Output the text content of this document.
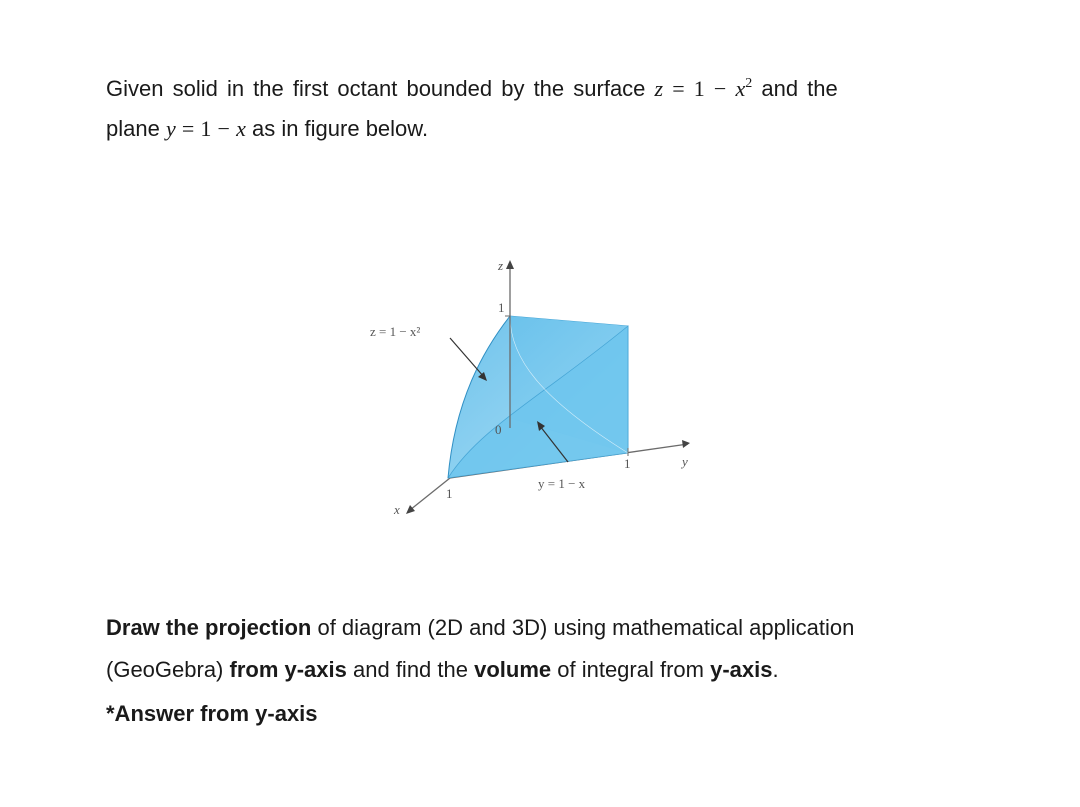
Given solid in the first octant bounded by the surface $z = 1 - x^2$ and the
plane y = 1 − x as in figure below.
z
1
z = 1 − x²
0
1	y
y = 1 − x
1
x
Draw the projection of diagram (2D and 3D) using mathematical application
(GeoGebra) from y-axis and find the volume of integral from y-axis.
*Answer from y-axis
